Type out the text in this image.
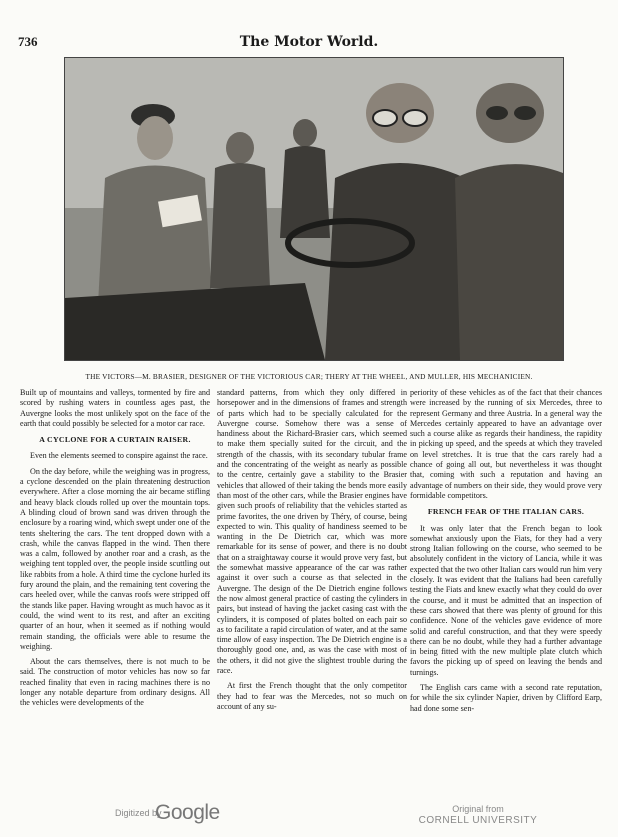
736	The Motor World.
THE VICTORS—M. BRASIER, DESIGNER OF THE VICTORIOUS CAR; THERY AT THE WHEEL, AND MULLER, HIS MECHANICIEN.

Built up of mountains and valleys, tormented by fire and scored by rushing waters in countless ages past, the Auvergne looks the most unlikely spot on the face of the earth that could possibly be selected for a motor car race.

A CYCLONE FOR A CURTAIN RAISER.

Even the elements seemed to conspire against the race.

On the day before, while the weighing was in progress, a cyclone descended on the plain threatening destruction everywhere. After a close morning the air became stifling and heavy black clouds rolled up over the mountain tops. A blinding cloud of brown sand was driven through the enclosure by a roaring wind, which swept under one of the tents sheltering the cars. The tent dropped down with a crash, while the canvas flapped in the wind. Then there was a calm, followed by another roar and a crash, as the weighing tent toppled over, the people inside scuttling out like rabbits from a hole. A third time the cyclone hurled its fury around the plain, and the remaining tent covering the cars heeled over, while the canvas roofs were stripped off the stands like paper. Having wrought as much havoc as it could, the wind went to its rest, and after an exciting quarter of an hour, when it seemed as if nothing would remain standing, the officials were able to resume the weighing.

About the cars themselves, there is not much to be said. The construction of motor vehicles has now so far reached finality that even in racing machines there is no longer any notable departure from ordinary designs. All the vehicles were developments of the

standard patterns, from which they only differed in horsepower and in the dimensions of frames and strength of parts which had to be specially calculated for the Auvergne course. Somehow there was a sense of handiness about the Richard-Brasier cars, which seemed to make them specially suited for the circuit, and the strength of the chassis, with its secondary tubular frame and the concentrating of the weight as nearly as possible to the centre, certainly gave a stability to the Brasier vehicles that allowed of their taking the bends more easily than most of the other cars, while the Brasier engines have given such proofs of reliability that the vehicles started as prime favorites, the one driven by Théry, of course, being expected to win. This quality of handiness seemed to be wanting in the De Dietrich car, which was more remarkable for its sense of power, and there is no doubt that on a straightaway course it would prove very fast, but the somewhat massive appearance of the car was rather against it over such a course as that selected in the Auvergne. The design of the De Dietrich engine follows the now almost general practice of casting the cylinders in pairs, but instead of having the jacket casing cast with the cylinders, it is composed of plates bolted on each pair so as to facilitate a rapid circulation of water, and at the same time allow of easy inspection. The De Dietrich engine is a thoroughly good one, and, as was the case with most of the others, it did not give the slightest trouble during the race.

At first the French thought that the only competitor they had to fear was the Mercedes, not so much on account of any su-

periority of these vehicles as of the fact that their chances were increased by the running of six Mercedes, three to represent Germany and three Austria. In a general way the Mercedes certainly appeared to have an advantage over such a course alike as regards their handiness, the rapidity in picking up speed, and the speeds at which they traveled on level stretches. It is true that the cars rarely had a chance of going all out, but nevertheless it was thought that, coming with such a reputation and having an advantage of numbers on their side, they would prove very formidable competitors.

FRENCH FEAR OF THE ITALIAN CARS.

It was only later that the French began to look somewhat anxiously upon the Fiats, for they had a very strong Italian following on the course, who seemed to be absolutely confident in the victory of Lancia, while it was expected that the two other Italian cars would run him very closely. It was evident that the Italians had been carefully testing the Fiats and knew exactly what they could do over the course, and it must be admitted that an inspection of these cars showed that there was plenty of ground for this confidence. None of the vehicles gave evidence of more solid and careful construction, and that they were speedy there can be no doubt, while they had a further advantage in being fitted with the new multiple plate clutch which favors the picking up of speed on leaving the bends and turnings.

The English cars came with a second rate reputation, for while the six cylinder Napier, driven by Clifford Earp, had done some sen-

Digitized by
Google	Original from
CORNELL UNIVERSITY
